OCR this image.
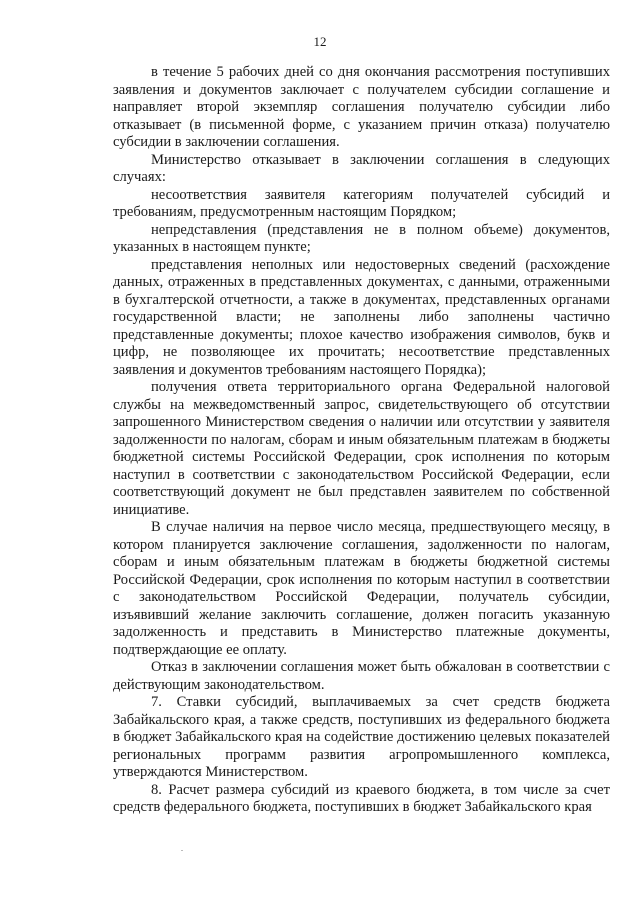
12

в течение 5 рабочих дней со дня окончания рассмотрения поступивших заявления и документов заключает с получателем субсидии соглашение и направляет второй экземпляр соглашения получателю субсидии либо отказывает (в письменной форме, с указанием причин отказа) получателю субсидии в заключении соглашения.

Министерство отказывает в заключении соглашения в следующих случаях:

несоответствия заявителя категориям получателей субсидий и требованиям, предусмотренным настоящим Порядком;

непредставления (представления не в полном объеме) документов, указанных в настоящем пункте;

представления неполных или недостоверных сведений (расхождение данных, отраженных в представленных документах, с данными, отраженными в бухгалтерской отчетности, а также в документах, представленных органами государственной власти; не заполнены либо заполнены частично представленные документы; плохое качество изображения символов, букв и цифр, не позволяющее их прочитать; несоответствие представленных заявления и документов требованиям настоящего Порядка);

получения ответа территориального органа Федеральной налоговой службы на межведомственный запрос, свидетельствующего об отсутствии запрошенного Министерством сведения о наличии или отсутствии у заявителя задолженности по налогам, сборам и иным обязательным платежам в бюджеты бюджетной системы Российской Федерации, срок исполнения по которым наступил в соответствии с законодательством Российской Федерации, если соответствующий документ не был представлен заявителем по собственной инициативе.

В случае наличия на первое число месяца, предшествующего месяцу, в котором планируется заключение соглашения, задолженности по налогам, сборам и иным обязательным платежам в бюджеты бюджетной системы Российской Федерации, срок исполнения по которым наступил в соответствии с законодательством Российской Федерации, получатель субсидии, изъявивший желание заключить соглашение, должен погасить указанную задолженность и представить в Министерство платежные документы, подтверждающие ее оплату.

Отказ в заключении соглашения может быть обжалован в соответствии с действующим законодательством.

7. Ставки субсидий, выплачиваемых за счет средств бюджета Забайкальского края, а также средств, поступивших из федерального бюджета в бюджет Забайкальского края на содействие достижению целевых показателей региональных программ развития агропромышленного комплекса, утверждаются Министерством.

8. Расчет размера субсидий из краевого бюджета, в том числе за счет средств федерального бюджета, поступивших в бюджет Забайкальского края
